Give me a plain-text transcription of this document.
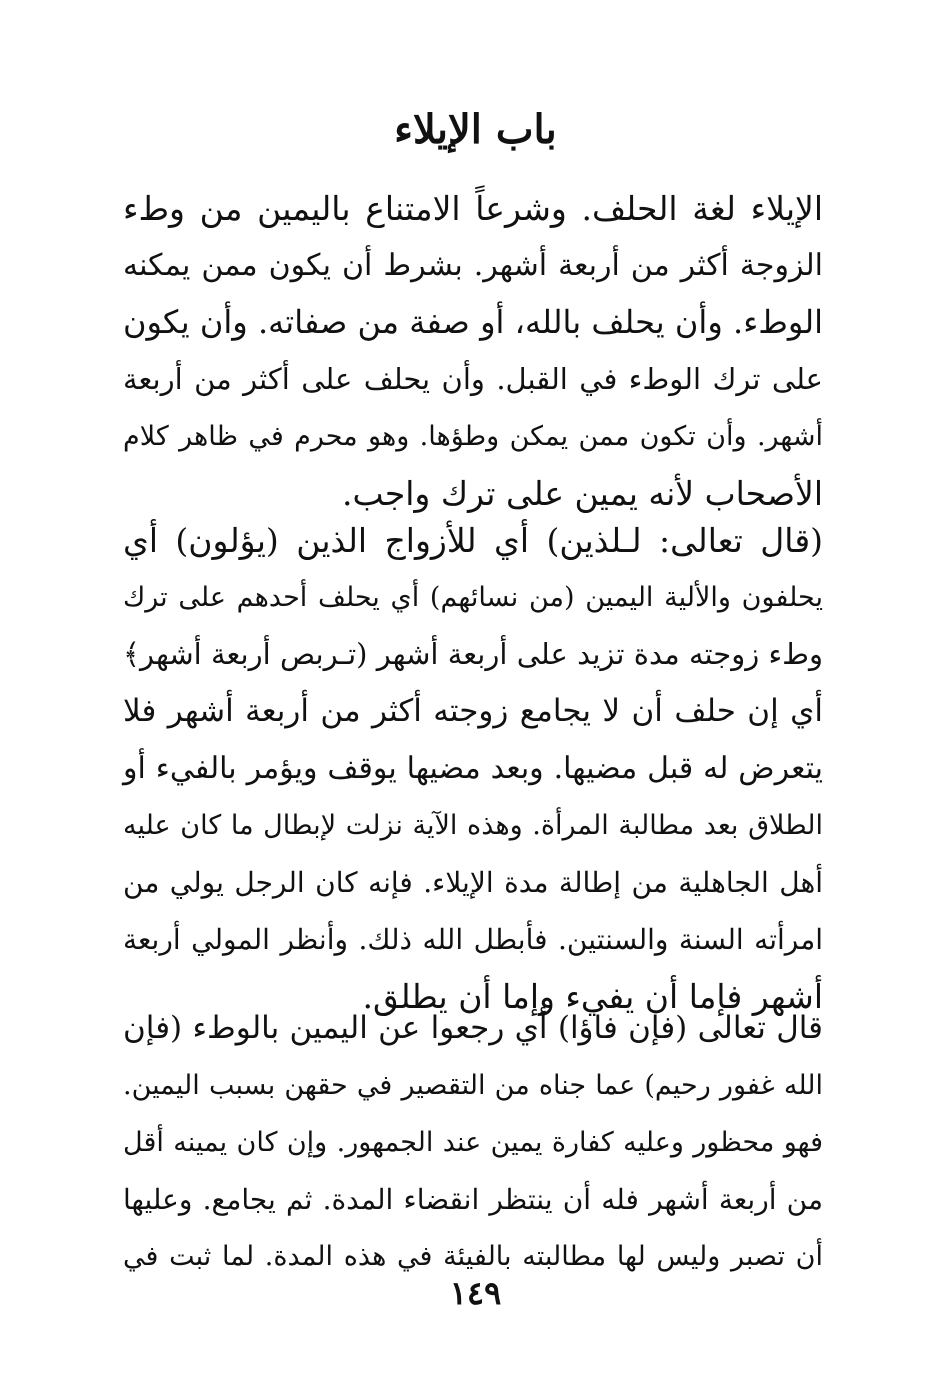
باب الإيلاء
الإيلاء لغة الحلف. وشرعاً الامتناع باليمين من وطء
الزوجة أكثر من أربعة أشهر. بشرط أن يكون ممن يمكنه
الوطء. وأن يحلف بالله، أو صفة من صفاته. وأن يكون
على ترك الوطء في القبل. وأن يحلف على أكثر من أربعة
أشهر. وأن تكون ممن يمكن وطؤها. وهو محرم في ظاهر كلام
الأصحاب لأنه يمين على ترك واجب.
(قال تعالى: لـلذين) أي للأزواج الذين (يؤلون) أي
يحلفون والألية اليمين (من نسائهم) أي يحلف أحدهم على ترك
وطء زوجته مدة تزيد على أربعة أشهر (تـربص أربعة أشهر﴾
أي إن حلف أن لا يجامع زوجته أكثر من أربعة أشهر فلا
يتعرض له قبل مضيها. وبعد مضيها يوقف ويؤمر بالفيء أو
الطلاق بعد مطالبة المرأة. وهذه الآية نزلت لإبطال ما كان عليه
أهل الجاهلية من إطالة مدة الإيلاء. فإنه كان الرجل يولي من
امرأته السنة والسنتين. فأبطل الله ذلك. وأنظر المولي أربعة
أشهر فإما أن يفيء وإما أن يطلق.
قال تعالى (فإن فاؤا) أي رجعوا عن اليمين بالوطء (فإن
الله غفور رحيم) عما جناه من التقصير في حقهن بسبب اليمين.
فهو محظور وعليه كفارة يمين عند الجمهور. وإن كان يمينه أقل
من أربعة أشهر فله أن ينتظر انقضاء المدة. ثم يجامع. وعليها
أن تصبر وليس لها مطالبته بالفيئة في هذه المدة. لما ثبت في
١٤٩
